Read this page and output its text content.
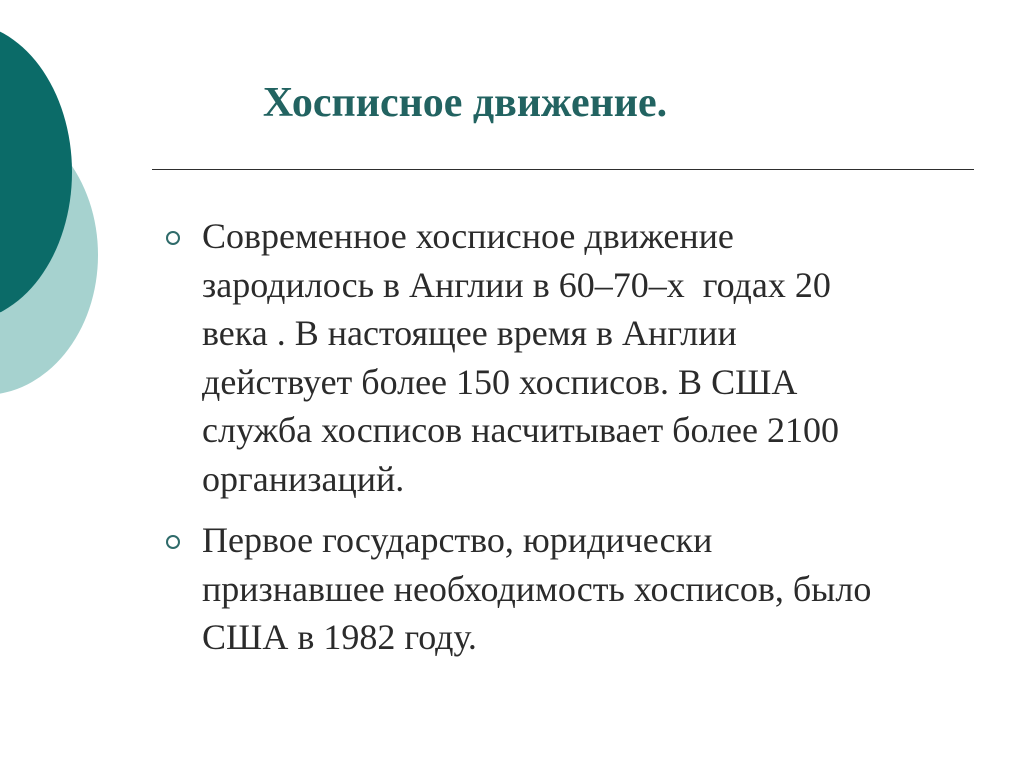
Хосписное движение.
Современное хосписное движение
зародилось в Англии в 60–70–х  годах 20
века . В настоящее время в Англии
действует более 150 хосписов. В США
служба хосписов насчитывает более 2100
организаций.
Первое государство, юридически
признавшее необходимость хосписов, было
США в 1982 году.
